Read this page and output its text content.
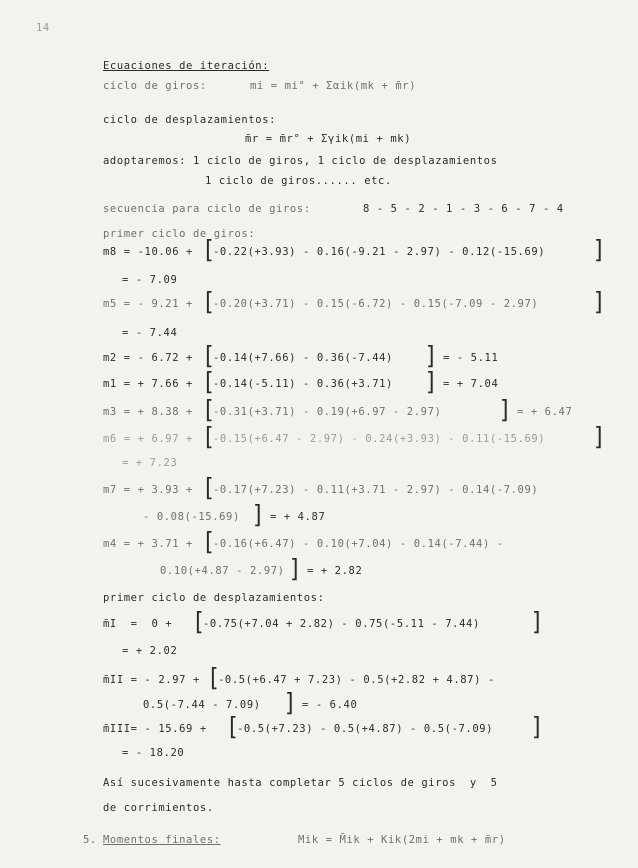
14
Ecuaciones de iteración:
ciclo de giros:	mi = mi° + Σαik(mk + m̄r)
ciclo de desplazamientos:
m̄r = m̄r° + Σγik(mi + mk)
adoptaremos: 1 ciclo de giros, 1 ciclo de desplazamientos
1 ciclo de giros...... etc.
secuencia para ciclo de giros:	8 - 5 - 2 - 1 - 3 - 6 - 7 - 4
primer ciclo de giros:
m8 = -10.06 + [ -0.22(+3.93) - 0.16(-9.21 - 2.97) - 0.12(-15.69) ]
= - 7.09
m5 = - 9.21 + [ -0.20(+3.71) - 0.15(-6.72) - 0.15(-7.09 - 2.97)	]
= - 7.44
m2 = - 6.72 + [ -0.14(+7.66) - 0.36(-7.44) ] = - 5.11
m1 = + 7.66 + [ -0.14(-5.11) - 0.36(+3.71) ] = + 7.04
m3 = + 8.38 + [ -0.31(+3.71) - 0.19(+6.97 - 2.97)	] = + 6.47
m6 = + 6.97 + [ -0.15(+6.47 - 2.97) - 0.24(+3.93) - 0.11(-15.69) ]
= + 7.23
m7 = + 3.93 + [ -0.17(+7.23) - 0.11(+3.71 - 2.97) - 0.14(-7.09)
- 0.08(-15.69) ] = + 4.87
m4 = + 3.71 + [ -0.16(+6.47) - 0.10(+7.04) - 0.14(-7.44) -
0.10(+4.87 - 2.97) ] = + 2.82
primer ciclo de desplazamientos:
m̄I  =  0 + [ -0.75(+7.04 + 2.82) - 0.75(-5.11 - 7.44) ]
= + 2.02
m̄II = - 2.97 + [ -0.5(+6.47 + 7.23) - 0.5(+2.82 + 4.87) -
0.5(-7.44 - 7.09) ] = - 6.40
m̄III= - 15.69 + [ -0.5(+7.23) - 0.5(+4.87) - 0.5(-7.09) ]
= - 18.20
Así sucesivamente hasta completar 5 ciclos de giros  y  5
de corrimientos.
5. Momentos finales:	Mik = M̄ik + Kik(2mi + mk + m̄r)
